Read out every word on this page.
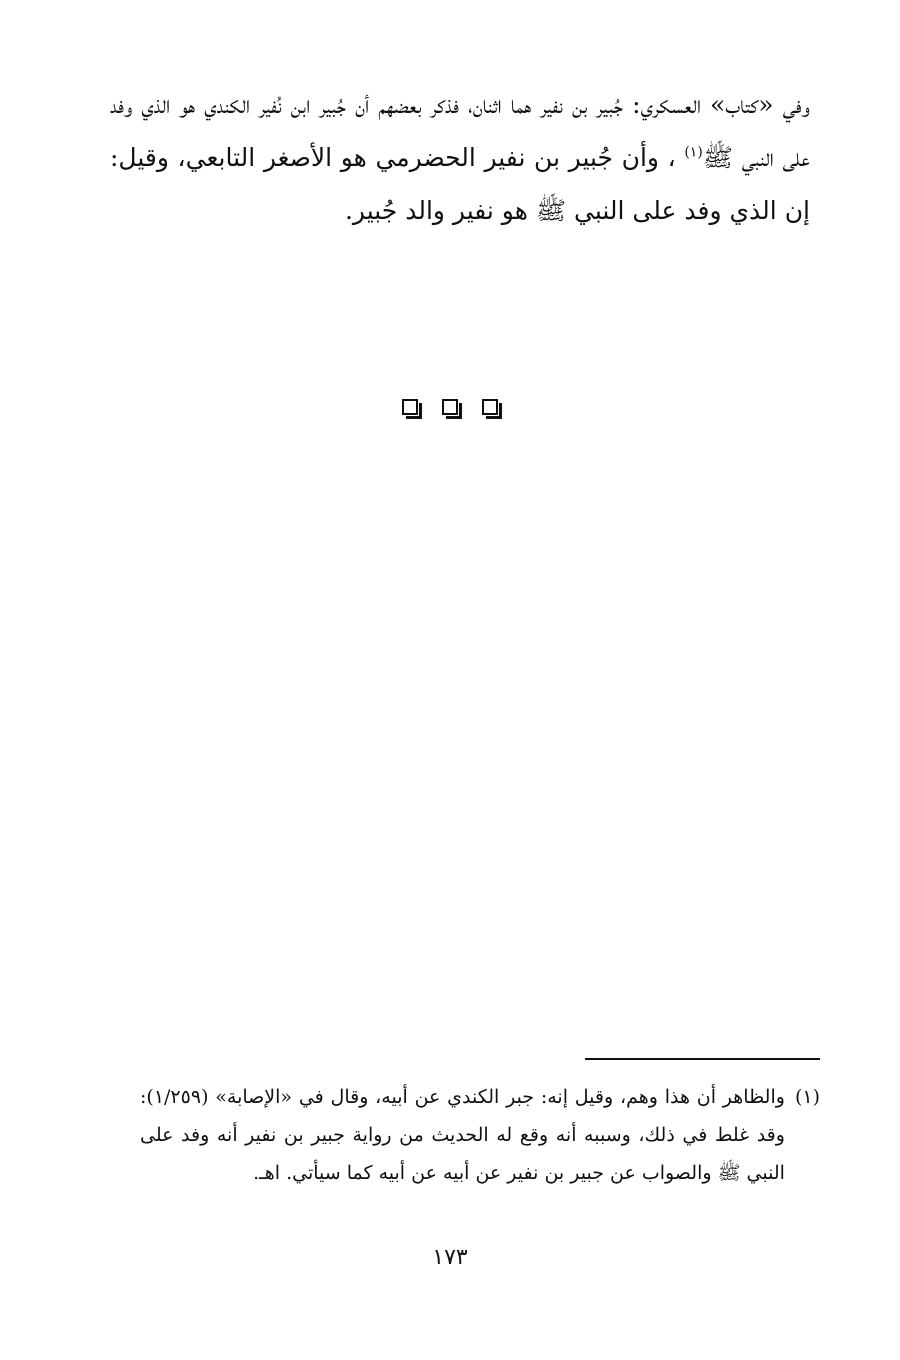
وفي «كتاب» العسكري: جُبير بن نفير هما اثنان، فذكر بعضهم أن جُبير ابن نُفير الكندي هو الذي وفد على النبي ﷺ$^{(١)}$ ، وأن جُبير بن نفير الحضرمي هو الأصغر التابعي، وقيل: إن الذي وفد على النبي ﷺ هو نفير والد جُبير.

(١)

والظاهر أن هذا وهم، وقيل إنه: جبر الكندي عن أبيه، وقال في «الإصابة» (١/٢٥٩): وقد غلط في ذلك، وسببه أنه وقع له الحديث من رواية جبير بن نفير أنه وفد على النبي ﷺ والصواب عن جبير بن نفير عن أبيه عن أبيه كما سيأتي. اهـ.

١٧٣
